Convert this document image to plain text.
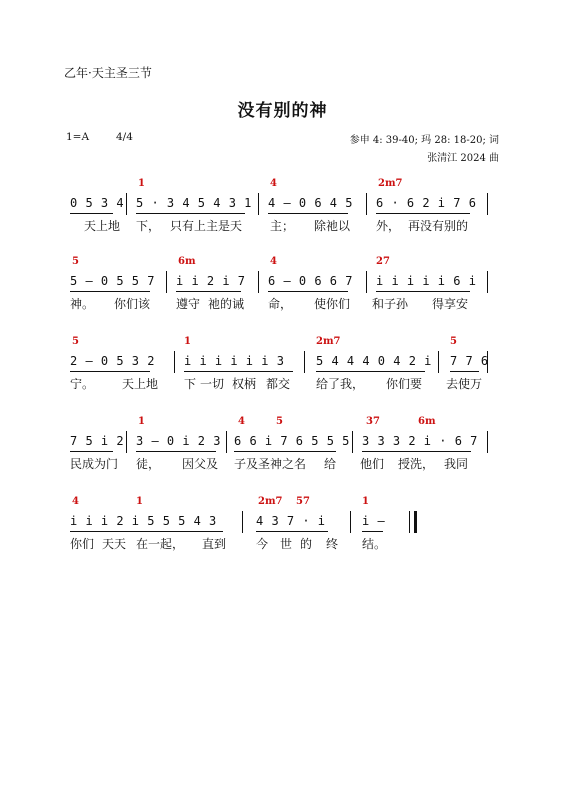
乙年·天主圣三节
没有别的神
1=A	4/4	参申 4: 39-40; 玛 28: 18-20; 词
张清江 2024 曲
1	4	2m7
0 5 3 4 5 · 3 4 5 4 3 1 4 – 0 6 4 5 6 · 6 2 i 7 6
天上地 下， 只有上主是天 主； 除祂以 外， 再没有别的
5	6m	4	27
5 – 0 5 5 7 i i 2 i 7 6 – 0 6 6 7 i i i i i 6 i
神。 你们该 遵守 祂的诫 命， 使你们 和子孙 得享安
5	1	2m7	5
2 – 0 5 3 2 i i i i i i 3	5 4 4 4 0 4 2 i 7 7 6
宁。 天上地 下 一切 权柄 都交 给了我， 你们要 去使万
1	4	5	37	6m
7 5 i 2 3 – 0 i 2 3 6 6 i 7 6 5 5 5 3 3 3 2 i · 6 7
民成为门 徒， 因父及 子及圣神之名 给 他们 授洗， 我同
4	1	2m7 57	1
i i i 2 i 5 5 5 4 3	4 3 7 · i	i –
你们 天天 在一起， 直到 今 世 的 终 结。
